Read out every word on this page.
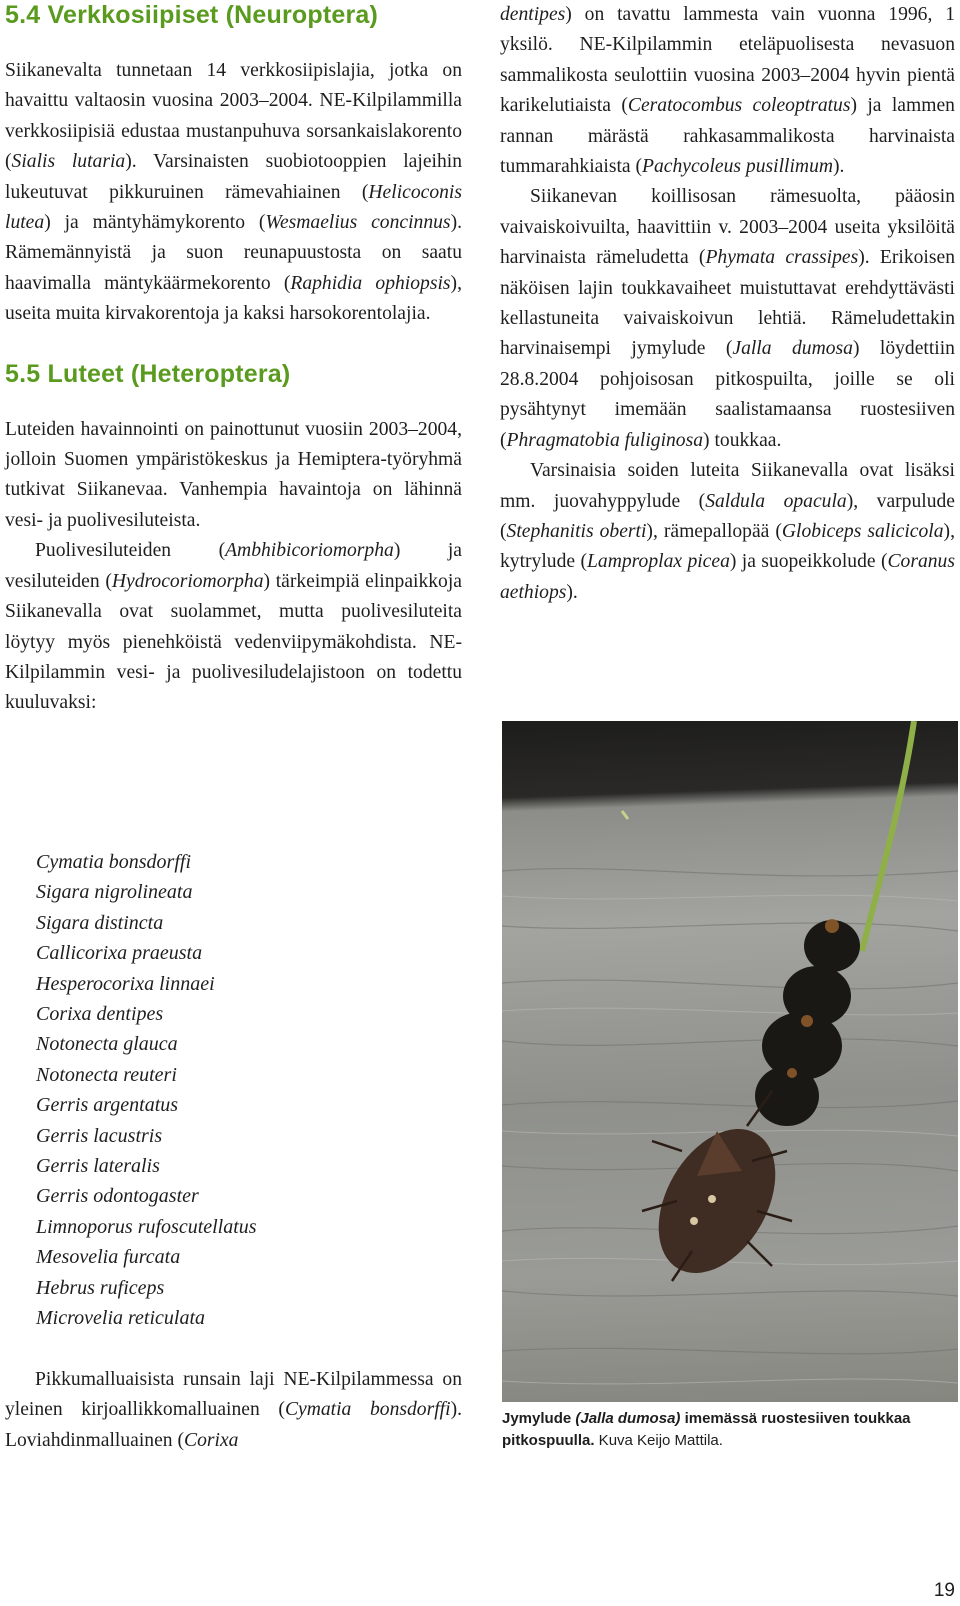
5.4 Verkkosiipiset (Neuroptera)

Siikanevalta tunnetaan 14 verkkosiipislajia, jotka on havaittu valtaosin vuosina 2003–2004. NE-Kilpilammilla verkkosiipisiä edustaa mustanpuhuva sorsankaislakorento (Sialis lutaria). Varsinaisten suobiotooppien lajeihin lukeutuvat pikkuruinen rämevahiainen (Helicoconis lutea) ja mäntyhämykorento (Wesmaelius concinnus). Rämemännyistä ja suon reunapuustosta on saatu haavimalla mäntykäärmekorento (Raphidia ophiopsis), useita muita kirvakorentoja ja kaksi harsokorentolajia.

5.5 Luteet (Heteroptera)

Luteiden havainnointi on painottunut vuosiin 2003–2004, jolloin Suomen ympäristökeskus ja Hemiptera-työryhmä tutkivat Siikanevaa. Vanhempia havaintoja on lähinnä vesi- ja puolivesiluteista.

Puolivesiluteiden (Ambhibicoriomorpha) ja vesiluteiden (Hydrocoriomorpha) tärkeimpiä elinpaikkoja Siikanevalla ovat suolammet, mutta puolivesiluteita löytyy myös pienehköistä vedenviipymäkohdista. NE-Kilpilammin vesi- ja puolivesiludelajistoon on todettu kuuluvaksi:

Cymatia bonsdorffi
Sigara nigrolineata
Sigara distincta
Callicorixa praeusta
Hesperocorixa linnaei
Corixa dentipes
Notonecta glauca
Notonecta reuteri
Gerris argentatus
Gerris lacustris
Gerris lateralis
Gerris odontogaster
Limnoporus rufoscutellatus
Mesovelia furcata
Hebrus ruficeps
Microvelia reticulata

Pikkumalluaisista runsain laji NE-Kilpilammessa on yleinen kirjoallikkomalluainen (Cymatia bonsdorffi). Loviahdinmalluainen (Corixa

dentipes) on tavattu lammesta vain vuonna 1996, 1 yksilö. NE-Kilpilammin eteläpuolisesta nevasuon sammalikosta seulottiin vuosina 2003–2004 hyvin pientä karikelutiaista (Ceratocombus coleoptratus) ja lammen rannan märästä rahkasammalikosta harvinaista tummarahkiaista (Pachycoleus pusillimum).

Siikanevan koillisosan rämesuolta, pääosin vaivaiskoivuilta, haavittiin v. 2003–2004 useita yksilöitä harvinaista rämeludetta (Phymata crassipes). Erikoisen näköisen lajin toukkavaiheet muistuttavat erehdyttävästi kellastuneita vaivaiskoivun lehtiä. Rämeludettakin harvinaisempi jymylude (Jalla dumosa) löydettiin 28.8.2004 pohjoisosan pitkospuilta, joille se oli pysähtynyt imemään saalistamaansa ruostesiiven (Phragmatobia fuliginosa) toukkaa.

Varsinaisia soiden luteita Siikanevalla ovat lisäksi mm. juovahyppylude (Saldula opacula), varpulude (Stephanitis oberti), rämepallopää (Globiceps salicicola), kytrylude (Lamproplax picea) ja suopeikkolude (Coranus aethiops).

Jymylude (Jalla dumosa) imemässä ruostesiiven toukkaa pitkospuulla. Kuva Keijo Mattila.
19
